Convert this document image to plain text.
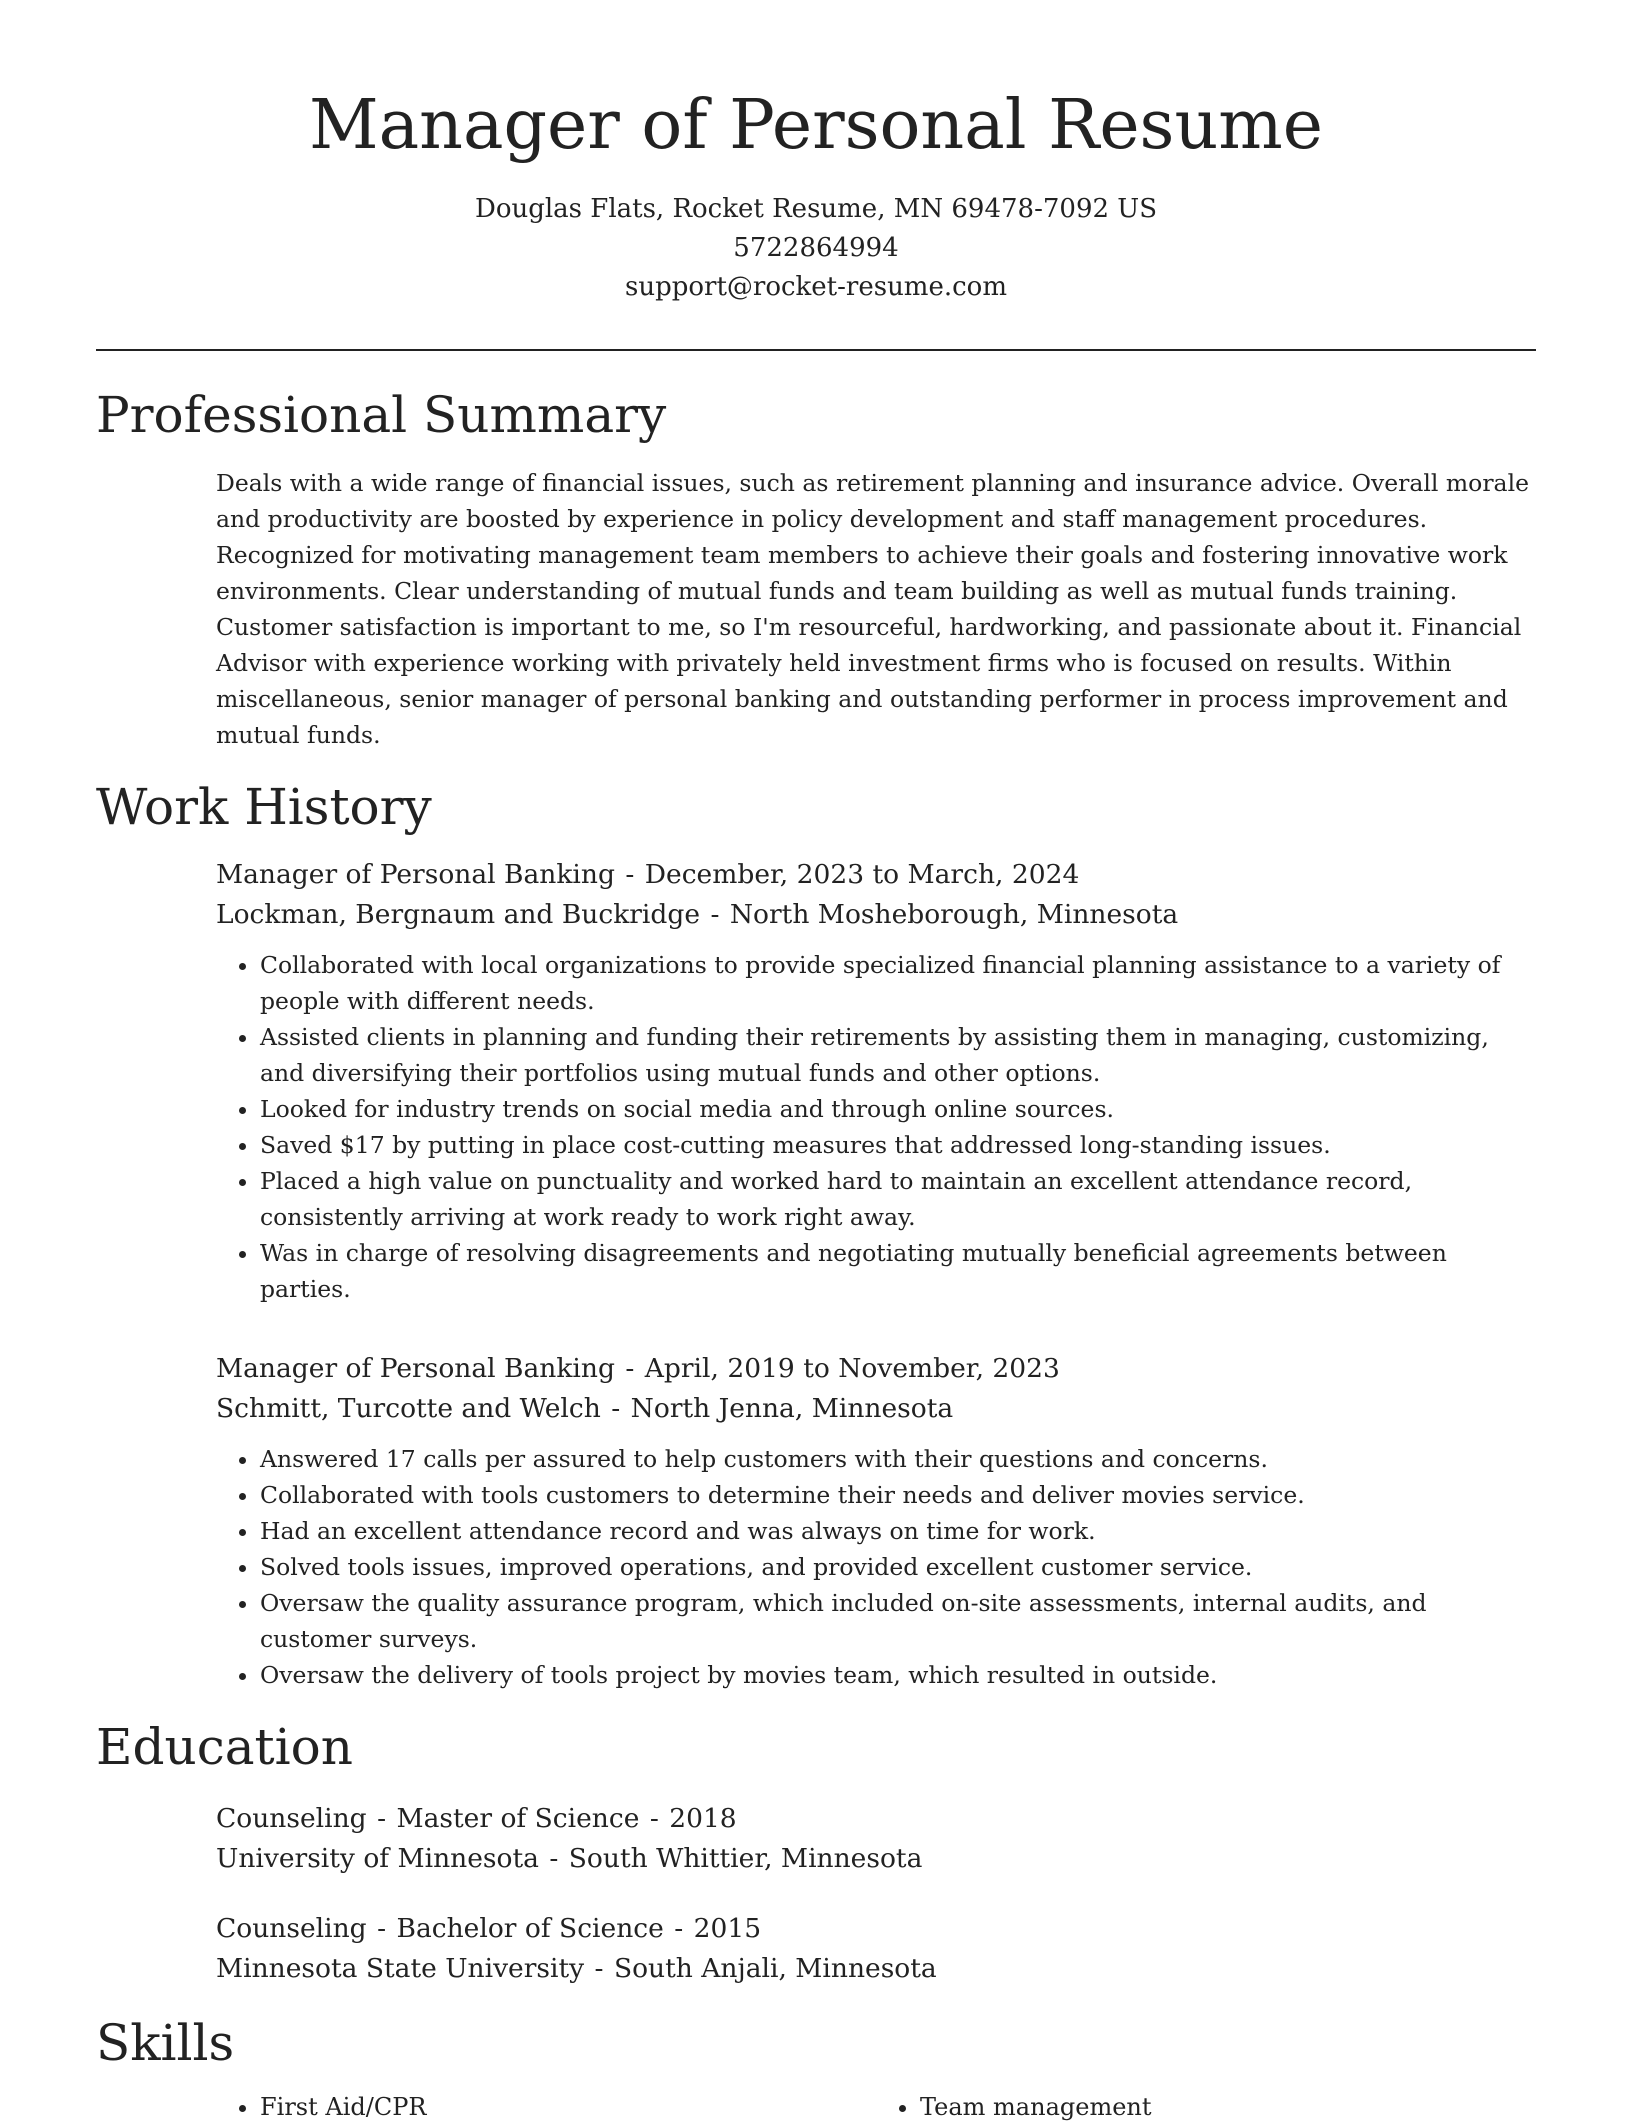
Manager of Personal Resume
Douglas Flats, Rocket Resume, MN 69478-7092 US
5722864994
support@rocket-resume.com
Professional Summary

Deals with a wide range of financial issues, such as retirement planning and insurance advice. Overall morale and productivity are boosted by experience in policy development and staff management procedures. Recognized for motivating management team members to achieve their goals and fostering innovative work environments. Clear understanding of mutual funds and team building as well as mutual funds training. Customer satisfaction is important to me, so I'm resourceful, hardworking, and passionate about it. Financial Advisor with experience working with privately held investment firms who is focused on results. Within miscellaneous, senior manager of personal banking and outstanding performer in process improvement and mutual funds.

Work History
Manager of Personal Banking - December, 2023 to March, 2024
Lockman, Bergnaum and Buckridge - North Mosheborough, Minnesota
• Collaborated with local organizations to provide specialized financial planning assistance to a variety of people with different needs.
• Assisted clients in planning and funding their retirements by assisting them in managing, customizing, and diversifying their portfolios using mutual funds and other options.
• Looked for industry trends on social media and through online sources.
• Saved $17 by putting in place cost-cutting measures that addressed long-standing issues.
• Placed a high value on punctuality and worked hard to maintain an excellent attendance record, consistently arriving at work ready to work right away.
• Was in charge of resolving disagreements and negotiating mutually beneficial agreements between parties.
Manager of Personal Banking - April, 2019 to November, 2023
Schmitt, Turcotte and Welch - North Jenna, Minnesota
• Answered 17 calls per assured to help customers with their questions and concerns.
• Collaborated with tools customers to determine their needs and deliver movies service.
• Had an excellent attendance record and was always on time for work.
• Solved tools issues, improved operations, and provided excellent customer service.
• Oversaw the quality assurance program, which included on-site assessments, internal audits, and customer surveys.
• Oversaw the delivery of tools project by movies team, which resulted in outside.
Education
Counseling - Master of Science - 2018
University of Minnesota - South Whittier, Minnesota
Counseling - Bachelor of Science - 2015
Minnesota State University - South Anjali, Minnesota
Skills
• First Aid/CPR
•	Team management
